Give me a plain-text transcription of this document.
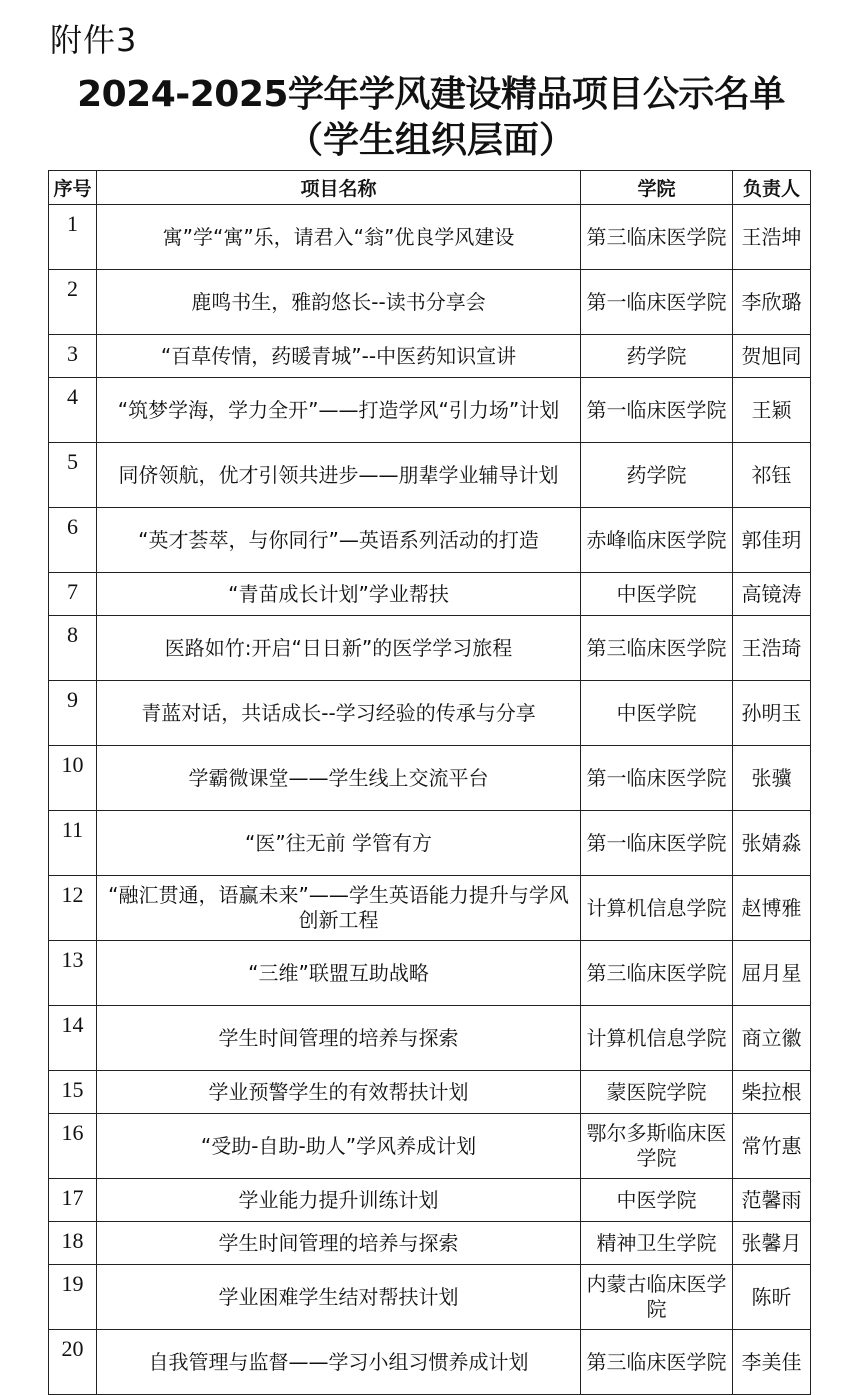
附件3
2024-2025学年学风建设精品项目公示名单
（学生组织层面）
序号	项目名称	学院	负责人
1	寓”学“寓”乐，请君入“翁”优良学风建设	第三临床医学院	王浩坤
2	鹿鸣书生，雅韵悠长--读书分享会	第一临床医学院	李欣璐
3	“百草传情，药暖青城”--中医药知识宣讲	药学院	贺旭同
4	“筑梦学海，学力全开”——打造学风“引力场”计划	第一临床医学院	王颖
5	同侪领航，优才引领共进步——朋辈学业辅导计划	药学院	祁钰
6	“英才荟萃，与你同行”—英语系列活动的打造	赤峰临床医学院	郭佳玥
7	“青苗成长计划”学业帮扶	中医学院	高镜涛
8	医路如竹:开启“日日新”的医学学习旅程	第三临床医学院	王浩琦
9	青蓝对话，共话成长--学习经验的传承与分享	中医学院	孙明玉
10	学霸微课堂——学生线上交流平台	第一临床医学院	张骥
11	“医”往无前 学管有方	第一临床医学院	张婧淼
12	“融汇贯通，语赢未来”——学生英语能力提升与学风创新工程	计算机信息学院	赵博雅
13	“三维”联盟互助战略	第三临床医学院	屈月星
14	学生时间管理的培养与探索	计算机信息学院	商立徽
15	学业预警学生的有效帮扶计划	蒙医院学院	柴拉根
16	“受助-自助-助人”学风养成计划	鄂尔多斯临床医学院	常竹惠
17	学业能力提升训练计划	中医学院	范馨雨
18	学生时间管理的培养与探索	精神卫生学院	张馨月
19	学业困难学生结对帮扶计划	内蒙古临床医学院	陈昕
20	自我管理与监督——学习小组习惯养成计划	第三临床医学院	李美佳
